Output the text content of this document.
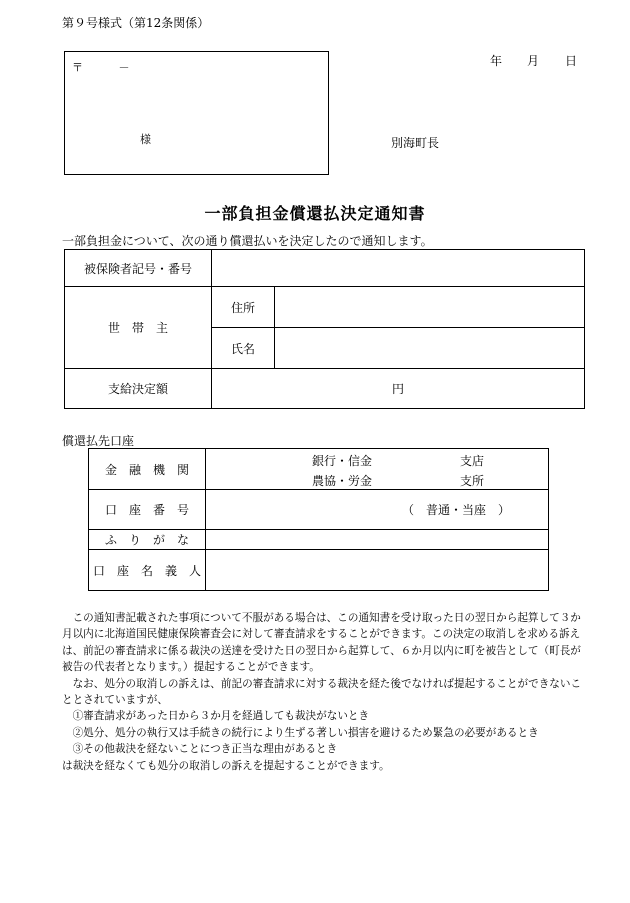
第９号様式（第12条関係）
年 月 日
〒	－
様	別海町長
一部負担金償還払決定通知書
一部負担金について、次の通り償還払いを決定したので通知します。
被保険者記号・番号		
世　帯　主	住所	
	氏名	
支給決定額	円	
償還払先口座
金　融　機　関	銀行・信金 支店
農協・労金 支所

口　座　番　号	（　普通・当座　）
ふ　り　が　な	
口　座　名　義　人	

この通知書記載された事項について不服がある場合は、この通知書を受け取った日の翌日から起算して３か月以内に北海道国民健康保険審査会に対して審査請求をすることができます。この決定の取消しを求める訴えは、前記の審査請求に係る裁決の送達を受けた日の翌日から起算して、６か月以内に町を被告として（町長が被告の代表者となります。）提起することができます。

なお、処分の取消しの訴えは、前記の審査請求に対する裁決を経た後でなければ提起することができないこととされていますが、

①審査請求があった日から３か月を経過しても裁決がないとき

②処分、処分の執行又は手続きの続行により生ずる著しい損害を避けるため緊急の必要があるとき

③その他裁決を経ないことにつき正当な理由があるとき

は裁決を経なくても処分の取消しの訴えを提起することができます。
